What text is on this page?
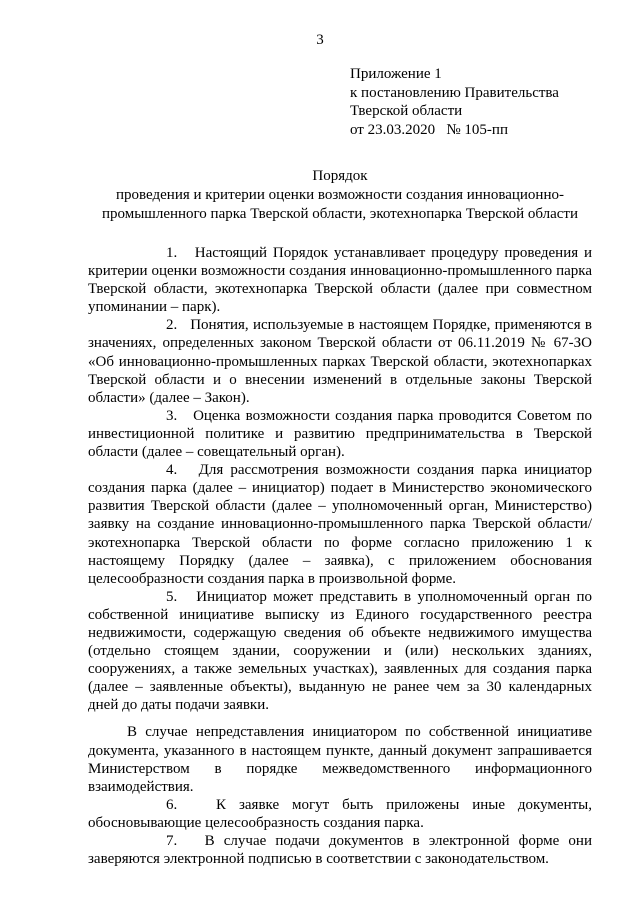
3
Приложение 1
к постановлению Правительства
Тверской области
от 23.03.2020   № 105-пп
Порядок
проведения и критерии оценки возможности создания инновационно-
промышленного парка Тверской области, экотехнопарка Тверской области

1. Настоящий Порядок устанавливает процедуру проведения и критерии оценки возможности создания инновационно-промышленного парка Тверской области, экотехнопарка Тверской области (далее при совместном упоминании – парк).

2. Понятия, используемые в настоящем Порядке, применяются в значениях, определенных законом Тверской области от 06.11.2019 № 67-ЗО «Об инновационно-промышленных парках Тверской области, экотехнопарках Тверской области и о внесении изменений в отдельные законы Тверской области» (далее – Закон).

3. Оценка возможности создания парка проводится Советом по инвестиционной политике и развитию предпринимательства в Тверской области (далее – совещательный орган).

4. Для рассмотрения возможности создания парка инициатор создания парка (далее – инициатор) подает в Министерство экономического развития Тверской области (далее – уполномоченный орган, Министерство) заявку на создание инновационно-промышленного парка Тверской области/экотехнопарка Тверской области по форме согласно приложению 1 к настоящему Порядку (далее – заявка), с приложением обоснования целесообразности создания парка в произвольной форме.

5. Инициатор может представить в уполномоченный орган по собственной инициативе выписку из Единого государственного реестра недвижимости, содержащую сведения об объекте недвижимого имущества (отдельно стоящем здании, сооружении и (или) нескольких зданиях, сооружениях, а также земельных участках), заявленных для создания парка (далее – заявленные объекты), выданную не ранее чем за 30 календарных дней до даты подачи заявки.

В случае непредставления инициатором по собственной инициативе документа, указанного в настоящем пункте, данный документ запрашивается Министерством в порядке межведомственного информационного взаимодействия.

6.	К заявке могут быть приложены иные документы, обосновывающие целесообразность создания парка.

7. В случае подачи документов в электронной форме они заверяются электронной подписью в соответствии с законодательством.
